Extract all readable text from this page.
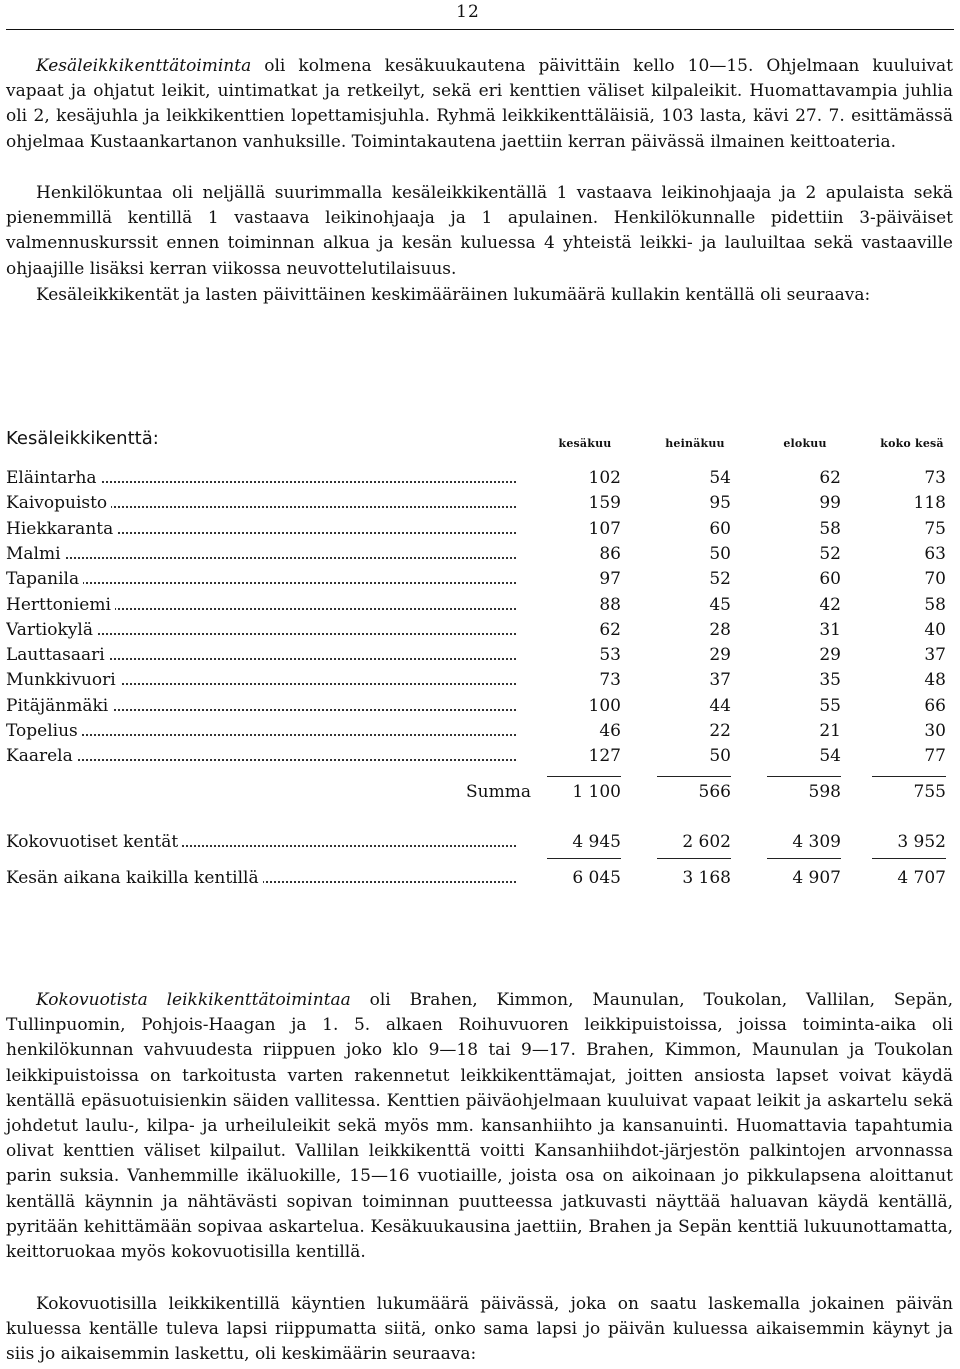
12

Kesäleikkikenttätoiminta oli kolmena kesäkuukautena päivittäin kello 10—15. Ohjelmaan kuuluivat vapaat ja ohjatut leikit, uintimatkat ja retkeilyt, sekä eri kenttien väliset kilpaleikit. Huomattavampia juhlia oli 2, kesäjuhla ja leikkikenttien lopettamisjuhla. Ryhmä leikkikenttäläisiä, 103 lasta, kävi 27. 7. esittämässä ohjelmaa Kustaankartanon vanhuksille. Toimintakautena jaettiin kerran päivässä ilmainen keittoateria.

Henkilökuntaa oli neljällä suurimmalla kesäleikkikentällä 1 vastaava leikinohjaaja ja 2 apulaista sekä pienemmillä kentillä 1 vastaava leikinohjaaja ja 1 apulainen. Henkilökunnalle pidettiin 3-päiväiset valmennuskurssit ennen toiminnan alkua ja kesän kuluessa 4 yhteistä leikki- ja lauluiltaa sekä vastaaville ohjaajille lisäksi kerran viikossa neuvottelutilaisuus.

Kesäleikkikentät ja lasten päivittäinen keskimääräinen lukumäärä kullakin kentällä oli seuraava:

Kesäleikkikenttä:	kesäkuu	heinäkuu	elokuu	koko kesä
Eläintarha	102	54	62	73
Kaivopuisto	159	95	99	118
Hiekkaranta	107	60	58	75
Malmi	86	50	52	63
Tapanila	97	52	60	70
Herttoniemi	88	45	42	58
Vartiokylä	62	28	31	40
Lauttasaari	53	29	29	37
Munkkivuori	73	37	35	48
Pitäjänmäki	100	44	55	66
Topelius	46	22	21	30
Kaarela	127	50	54	77
Summa	1 100	566	598	755
Kokovuotiset kentät	4 945	2 602	4 309	3 952
Kesän aikana kaikilla kentillä	6 045	3 168	4 907	4 707

Kokovuotista leikkikenttätoimintaa oli Brahen, Kimmon, Maunulan, Toukolan, Vallilan, Sepän, Tullinpuomin, Pohjois-Haagan ja 1. 5. alkaen Roihuvuoren leikkipuistoissa, joissa toiminta-aika oli henkilökunnan vahvuudesta riippuen joko klo 9—18 tai 9—17. Brahen, Kimmon, Maunulan ja Toukolan leikkipuistoissa on tarkoitusta varten rakennetut leikkikenttämajat, joitten ansiosta lapset voivat käydä kentällä epäsuotuisienkin säiden vallitessa. Kenttien päiväohjelmaan kuuluivat vapaat leikit ja askartelu sekä johdetut laulu-, kilpa- ja urheiluleikit sekä myös mm. kansanhiihto ja kansanuinti. Huomattavia tapahtumia olivat kenttien väliset kilpailut. Vallilan leikkikenttä voitti Kansanhiihdot-järjestön palkintojen arvonnassa parin suksia. Vanhemmille ikäluokille, 15—16 vuotiaille, joista osa on aikoinaan jo pikkulapsena aloittanut kentällä käynnin ja nähtävästi sopivan toiminnan puutteessa jatkuvasti näyttää haluavan käydä kentällä, pyritään kehittämään sopivaa askartelua. Kesäkuukausina jaettiin, Brahen ja Sepän kenttiä lukuunottamatta, keittoruokaa myös kokovuotisilla kentillä.

Kokovuotisilla leikkikentillä käyntien lukumäärä päivässä, joka on saatu laskemalla jokainen päivän kuluessa kentälle tuleva lapsi riippumatta siitä, onko sama lapsi jo päivän kuluessa aikaisemmin käynyt ja siis jo aikaisemmin laskettu, oli keskimäärin seuraava:
